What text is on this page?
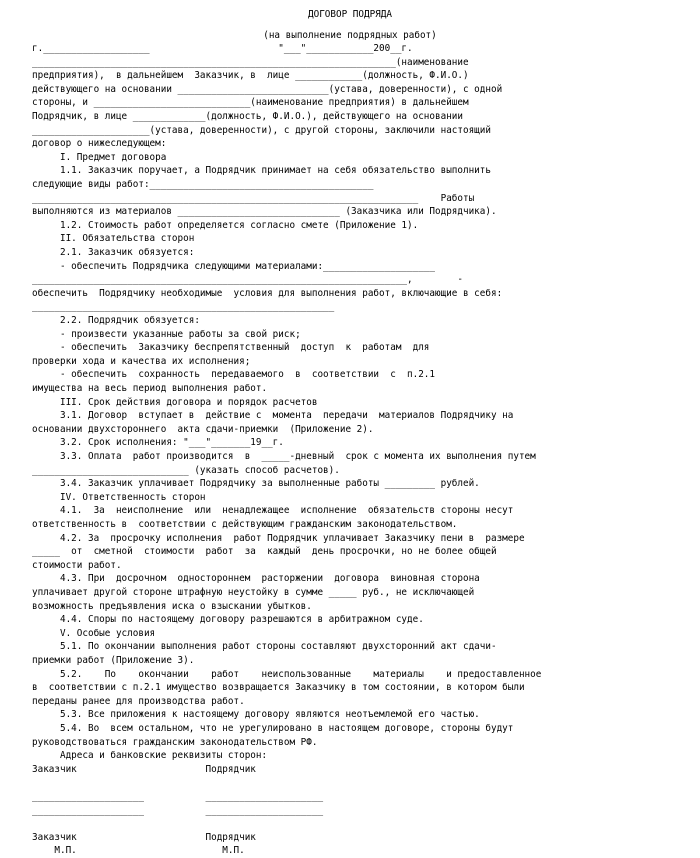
ДОГОВОР ПОДРЯДА

(на выполнение подрядных работ)

г.___________________                       "___"____________200__г.

_________________________________________________________________(наименование

предприятия),  в дальнейшем  Заказчик, в  лице ____________(должность, Ф.И.О.)

действующего на основании ___________________________(устава, доверенности), с одной

стороны, и ____________________________(наименование предприятия) в дальнейшем

Подрядчик, в лице _____________(должность, Ф.И.О.), действующего на основании

_____________________(устава, доверенности), с другой стороны, заключили настоящий

договор о нижеследующем:

I. Предмет договора

1.1. Заказчик поручает, а Подрядчик принимает на себя обязательство выполнить

следующие виды работ:________________________________________

_____________________________________________________________________    Работы

выполняются из материалов _____________________________ (Заказчика или Подрядчика).

1.2. Стоимость работ определяется согласно смете (Приложение 1).

II. Обязательства сторон

2.1. Заказчик обязуется:

- обеспечить Подрядчика следующими материалами:____________________

___________________________________________________________________,        -

обеспечить  Подрядчику необходимые  условия для выполнения работ, включающие в себя:

______________________________________________________

2.2. Подрядчик обязуется:

- произвести указанные работы за свой риск;

- обеспечить  Заказчику беспрепятственный  доступ  к  работам  для

проверки хода и качества их исполнения;

- обеспечить  сохранность  передаваемого  в  соответствии  с  п.2.1

имущества на весь период выполнения работ.

III. Срок действия договора и порядок расчетов

3.1. Договор  вступает в  действие с  момента  передачи  материалов Подрядчику на

основании двухстороннего  акта сдачи-приемки  (Приложение 2).

3.2. Срок исполнения: "___"_______19__г.

3.3. Оплата  работ производится  в  _____-дневный  срок с момента их выполнения путем

____________________________ (указать способ расчетов).

3.4. Заказчик уплачивает Подрядчику за выполненные работы _________ рублей.

IV. Ответственность сторон

4.1.  За  неисполнение  или  ненадлежащее  исполнение  обязательств стороны несут

ответственность в  соответствии с действующим гражданским законодательством.

4.2. За  просрочку исполнения  работ Подрядчик уплачивает Заказчику пени в  размере

_____  от  сметной  стоимости  работ  за  каждый  день просрочки, но не более общей

стоимости работ.

4.3. При  досрочном  одностороннем  расторжении  договора  виновная сторона

уплачивает другой стороне штрафную неустойку в сумме _____ руб., не исключающей

возможность предъявления иска о взыскании убытков.

4.4. Споры по настоящему договору разрешаются в арбитражном суде.

V. Особые условия

5.1. По окончании выполнения работ стороны составляют двухсторонний акт сдачи-

приемки работ (Приложение 3).

5.2.    По    окончании    работ    неиспользованные    материалы    и предоставленное

в  соответствии с п.2.1 имущество возвращается Заказчику в том состоянии, в котором были

переданы ранее для производства работ.

5.3. Все приложения к настоящему договору являются неотъемлемой его частью.

5.4. Во  всем остальном, что не урегулировано в настоящем договоре, стороны будут

руководствоваться гражданским законодательством РФ.

Адреса и банковские реквизиты сторон:

Заказчик                       Подрядчик

____________________           _____________________

____________________           _____________________

Заказчик                       Подрядчик

М.П.                          М.П.
